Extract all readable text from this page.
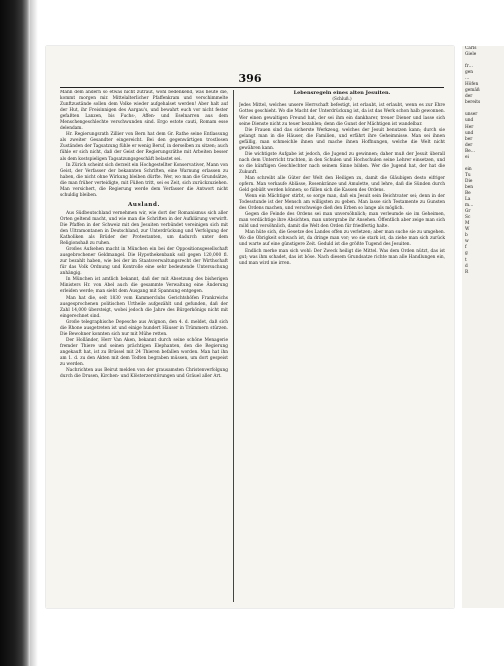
396

Mann dem andern so etwas nicht zutraut, wohl bedenkend, was heute die, kommt morgen mir. Mittelalterlicher Pfaffenkram und verschimmelte Zunftzustände sollen dem Volke wieder aufgehalset werden! Aber halt auf der Hut, ihr Freisinnigen des Aargau's, und bewahrt euch vor nicht fester gefaßten Lanzen, bis Fuchs-, Affen- und Eselnarren aus dem Menschengeschlechte verschwunden sind. Ergo estote cauti, Romam esse delendam.

Hr. Regierungsrath Zillier von Bern hat dem Gr. Rathe seine Entlassung als zweiter Gesandter eingereicht. Bei den gegenwärtigen trostlosen Zuständen der Tagsatzung fühle er wenig Beruf, in derselben zu sitzen; auch fühle er sich nicht, daß der Geist der Regierungsräthe mit Arbeiten besser als dem kostspieligen Tagsatzungsgeschäft belastet sei.

In Zürich scheint sich derzeit ein Hochgestellter Konservativer, Mann von Geist, der Verfasser der bekannten Schriften, eine Warnung erlassen zu haben, die nicht ohne Wirkung bleiben dürfte. Wer, wo man die Grundsätze, die man früher verteidigte, mit Füßen tritt, sei es Zeit, sich zurückzuziehen. Man versichert, die Regierung werde dem Verfasser die Antwort nicht schuldig bleiben.

Ausland.

Aus Südbeutschland vernehmen wir, wie dort der Romanismus sich aller Orten geltend macht, und wie man die Schriften in der Aufklärung verwirft. Die Pfaffen in der Schweiz mit den Jesuiten verbündet vereinigen sich mit den Ultramontanen in Deutschland, zur Unterdrückung und Verfolgung der Katholiken als Brüder der Protestanten, um dadurch unter dem Religionshaß zu ruhen.

Großes Aufsehen macht in München ein bei der Oppositionsgesellschaft ausgebrochener Geldmangel. Die Hypothekenbank soll gegen 120,000 fl. zur bezahlt haben, wie bei der im Staatsverwaltungsrecht der Wirthschaft für das Volk Ordnung und Kontrolle eine sehr bedeutende Untersuchung anhängig.

In München ist amtlich bekannt, daß der mit Absetzung des bisherigen Ministers Hr. von Abel auch die gesammte Verwaltung eine Änderung erleiden werde; man sieht dem Ausgang mit Spannung entgegen.

Man hat die, seit 1830 vom Kammerclubs Gerichtshöfen Frankreichs ausgesprochenen politischen Urtheile aufgezählt und gefunden, daß der Zahl 14,000 übersteigt, wobei jedoch die Jahre des Bürgerkönigs nicht mit eingerechnet sind.

Große telegraphische Depesche aus Avignon, den 4. d. meldet, daß sich die Rhone ausgetreten ist und einige hundert Häuser in Trümmern stürzen. Die Bewohner konnten sich nur mit Mühe retten.

Der Holländer, Herr Van Aken, bekannt durch seine schöne Menagerie fremder Thiere und seinen prächtigen Elephanten, den die Regierung angekauft hat, ist zu Brüssel mit 24 Thieren befallen worden. Man hat ihn am 1. d. zu den Akten mit dem Todten begraben müssen, um dort gespeist zu werden.

Nachrichten aus Beirut melden von der grausamsten Christenverfolgung durch die Drusen, Kirchen- und Klösterzerstörungen und Gräuel aller Art.

Lebensregeln eines alten Jesuiten.
(Schluß.)

Jedes Mittel, welches unsere Herrschaft befestigt, ist erlaubt, ist erlaubt, wenn es zur Ehre Gottes geschieht. Wo die Macht der Unterdrückung ist, da ist das Werk schon halb gewonnen. Wer einen gewaltigen Freund hat, der sei ihm ein dankbarer, treuer Diener und lasse sich seine Dienste nicht zu teuer bezahlen; denn die Gunst der Mächtigen ist wandelbar.

Die Frauen sind das sicherste Werkzeug, welches der Jesuit benutzen kann; durch sie gelangt man in die Häuser, die Familien, und erfährt ihre Geheimnisse. Man sei ihnen gefällig, man schmeichle ihnen und mache ihnen Hoffnungen, welche die Welt nicht gewähren kann.

Die wichtigste Aufgabe ist jedoch, die Jugend zu gewinnen; daher muß der Jesuit überall nach dem Unterricht trachten, in den Schulen und Hochschulen seine Lehrer einsetzen, und so die künftigen Geschlechter nach seinem Sinne bilden. Wer die Jugend hat, der hat die Zukunft.

Man schreibt alle Güter der Welt den Heiligen zu, damit die Gläubigen desto eifriger opfern. Man verkaufe Ablässe, Rosenkränze und Amulette, und lehre, daß die Sünden durch Geld gebüßt werden können; so füllen sich die Kassen des Ordens.

Wenn ein Mächtiger stirbt, so sorge man, daß ein Jesuit sein Beichtvater sei; denn in der Todesstunde ist der Mensch am willigsten zu geben. Man lasse sich Testamente zu Gunsten des Ordens machen, und verschweige dieß den Erben so lange als möglich.

Gegen die Feinde des Ordens sei man unversöhnlich; man verleumde sie im Geheimen, man verdächtige ihre Absichten, man untergrabe ihr Ansehen. Öffentlich aber zeige man sich mild und versöhnlich, damit die Welt den Orden für friedfertig halte.

Man hüte sich, die Gesetze des Landes offen zu verletzen; aber man suche sie zu umgehen. Wo die Obrigkeit schwach ist, da dringe man vor; wo sie stark ist, da ziehe man sich zurück und warte auf eine günstigere Zeit. Geduld ist die größte Tugend des Jesuiten.

Endlich merke man sich wohl: Der Zweck heiligt die Mittel. Was dem Orden nützt, das ist gut; was ihm schadet, das ist böse. Nach diesem Grundsatze richte man alle Handlungen ein, und man wird nie irren.

Carls
Giele
fr…
gen
…
Höfen
gemäß
der
bereits
unser
und
Her
und
ber
der
Be…
ei
ein
Tu
Die
ben
Be
La
m…
Gr
Sc
M
W
b
w
f
g
t
d
R
